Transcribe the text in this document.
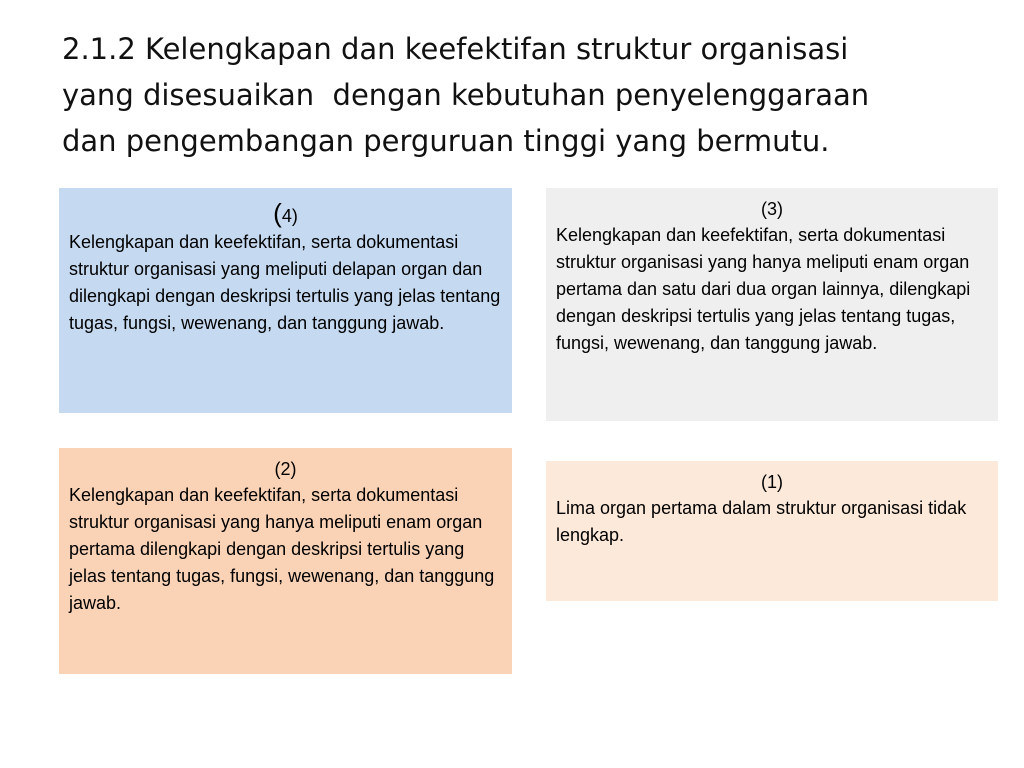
2.1.2 Kelengkapan dan keefektifan struktur organisasi
yang disesuaikan  dengan kebutuhan penyelenggaraan
dan pengembangan perguruan tinggi yang bermutu.

(4)

Kelengkapan dan keefektifan, serta dokumentasi struktur organisasi yang meliputi delapan organ dan dilengkapi dengan deskripsi tertulis yang jelas tentang tugas, fungsi, wewenang, dan tanggung jawab.

(3)

Kelengkapan dan keefektifan, serta dokumentasi struktur organisasi yang hanya meliputi enam organ pertama dan satu dari dua organ lainnya, dilengkapi dengan deskripsi tertulis yang jelas tentang tugas, fungsi, wewenang, dan tanggung jawab.

(2)

Kelengkapan dan keefektifan, serta dokumentasi struktur organisasi yang hanya meliputi enam organ pertama dilengkapi dengan deskripsi tertulis yang jelas tentang tugas, fungsi, wewenang, dan tanggung jawab.

(1)

Lima organ pertama dalam struktur organisasi tidak lengkap.
